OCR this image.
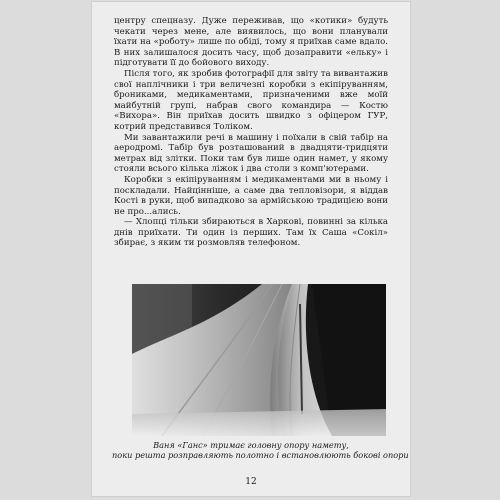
центру спецназу. Дуже переживав, що «котики» будуть чекати через мене, але виявилось, що вони планували їхати на «роботу» лише по обіді, тому я приїхав саме вдало. В них залишалося досить часу, щоб дозаправити «ельку» і підготувати її до бойового виходу.

Після того, як зробив фотографії для звіту та вивантажив свої наплічники і три величезні коробки з екіпіруванням, брониками, медикаментами, призначеними вже моїй майбутній групі, набрав свого командира — Костю «Вихора». Він приїхав досить швидко з офіцером ГУР, котрий представився Толіком.

Ми завантажили речі в машину і поїхали в свій табір на аеродромі. Табір був розташований в двадцяти-тридцяти метрах від злітки. Поки там був лише один намет, у якому стояли всього кілька ліжок і два столи з комп'ютерами.

Коробки з екіпіруванням і медикаментами ми в ньому і поскладали. Найцінніше, а саме два тепловізори, я віддав Кості в руки, щоб випадково за армійською традицією вони не про...ались.

— Хлопці тільки збираються в Харкові, повинні за кілька днів приїхати. Ти один із перших. Там їх Саша «Сокіл» збирає, з яким ти розмовляв телефоном.

Ваня «Ганс» тримає головну опору намету,
поки решта розправляють полотно і встановлюють бокові опори
12
